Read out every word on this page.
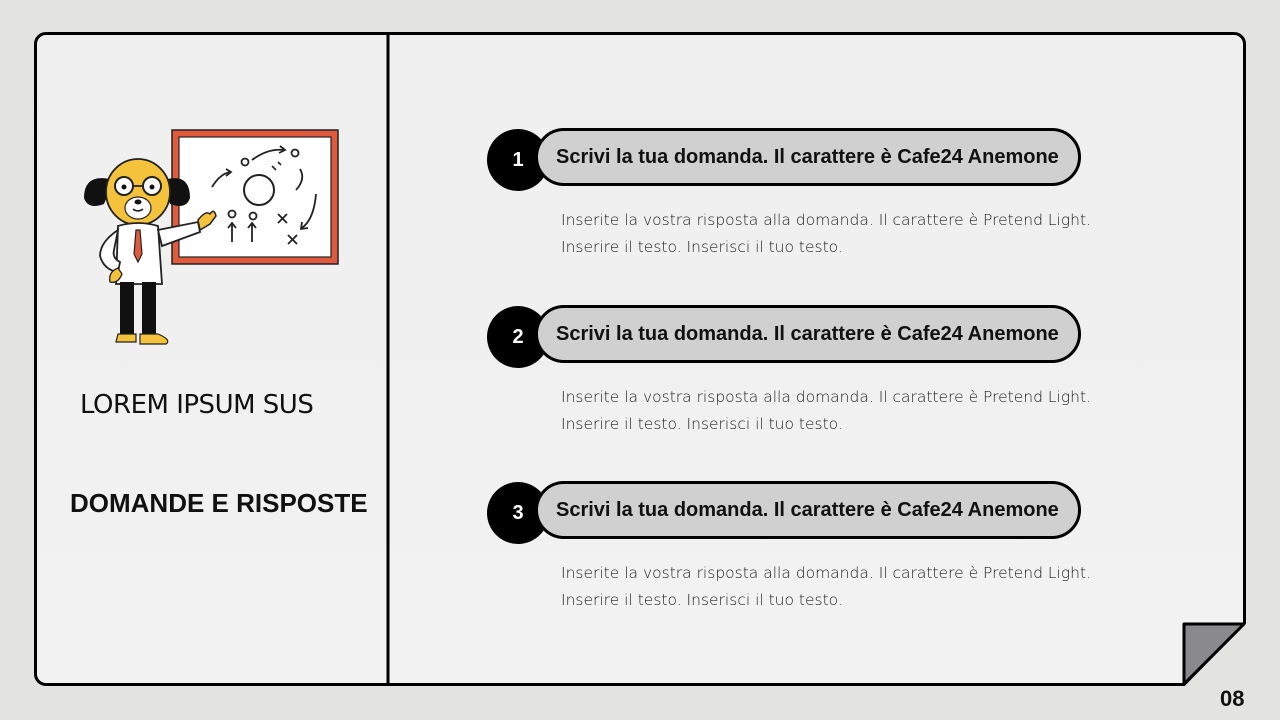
LOREM IPSUM SUS
DOMANDE E RISPOSTE
1	Scrivi la tua domanda. Il carattere è Cafe24 Anemone
Inserite la vostra risposta alla domanda. Il carattere è Pretend Light.
Inserire il testo. Inserisci il tuo testo.
2	Scrivi la tua domanda. Il carattere è Cafe24 Anemone
Inserite la vostra risposta alla domanda. Il carattere è Pretend Light.
Inserire il testo. Inserisci il tuo testo.
3	Scrivi la tua domanda. Il carattere è Cafe24 Anemone
Inserite la vostra risposta alla domanda. Il carattere è Pretend Light.
Inserire il testo. Inserisci il tuo testo.
08
